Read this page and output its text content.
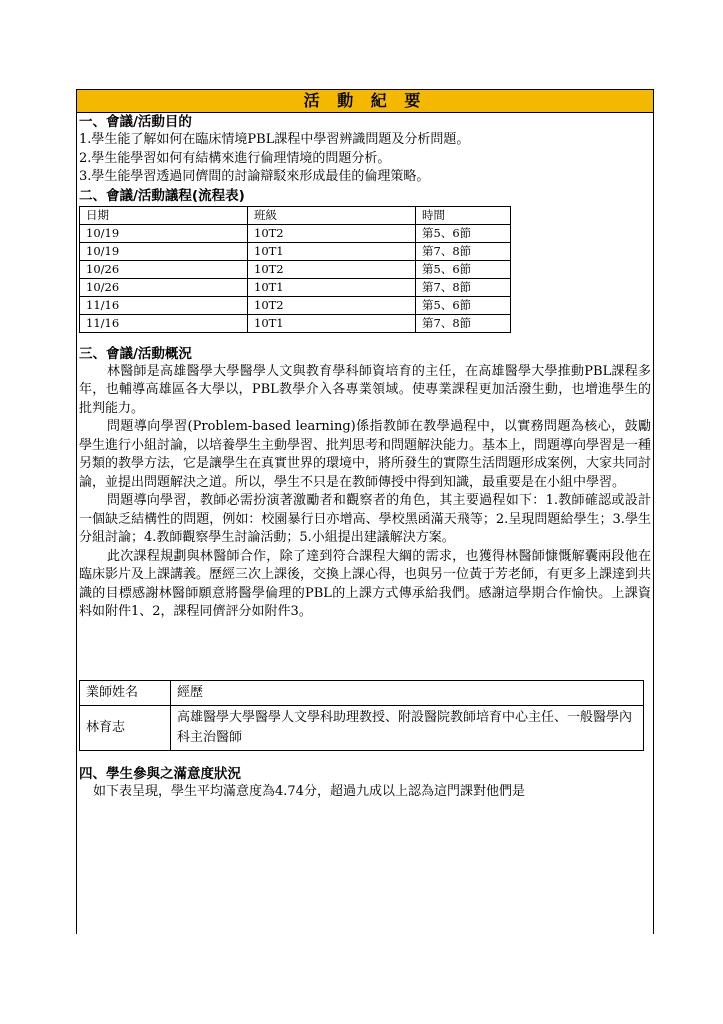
活 動 紀 要
一、會議/活動目的
1.學生能了解如何在臨床情境PBL課程中學習辨識問題及分析問題。
2.學生能學習如何有結構來進行倫理情境的問題分析。
3.學生能學習透過同儕間的討論辯駁來形成最佳的倫理策略。
二、會議/活動議程(流程表)
日期	班級	時間
10/19	10T2	第5、6節
10/19	10T1	第7、8節
10/26	10T2	第5、6節
10/26	10T1	第7、8節
11/16	10T2	第5、6節
11/16	10T1	第7、8節
三、會議/活動概況

林醫師是高雄醫學大學醫學人文與教育學科師資培育的主任，在高雄醫學大學推動PBL課程多年，也輔導高雄區各大學以，PBL教學介入各專業領域。使專業課程更加活潑生動，也增進學生的批判能力。

問題導向學習(Problem-based learning)係指教師在教學過程中，以實務問題為核心，鼓勵學生進行小組討論，以培養學生主動學習、批判思考和問題解決能力。基本上，問題導向學習是一種另類的教學方法，它是讓學生在真實世界的環境中，將所發生的實際生活問題形成案例，大家共同討論，並提出問題解決之道。所以，學生不只是在教師傳授中得到知識，最重要是在小組中學習。

問題導向學習，教師必需扮演著激勵者和觀察者的角色，其主要過程如下：1.教師確認或設計一個缺乏結構性的問題，例如：校園暴行日亦增高、學校黑函滿天飛等；2.呈現問題給學生；3.學生分組討論；4.教師觀察學生討論活動；5.小組提出建議解決方案。

此次課程規劃與林醫師合作，除了達到符合課程大綱的需求，也獲得林醫師慷慨解囊兩段他在臨床影片及上課講義。歷經三次上課後，交換上課心得，也與另一位黃于芳老師，有更多上課達到共識的目標感謝林醫師願意將醫學倫理的PBL的上課方式傳承給我們。感謝這學期合作愉快。上課資料如附件1、2，課程同儕評分如附件3。

業師姓名	經歷
林育志	高雄醫學大學醫學人文學科助理教授、附設醫院教師培育中心主任、一般醫學內科主治醫師
四、學生參與之滿意度狀況

如下表呈現，學生平均滿意度為4.74分，超過九成以上認為這門課對他們是
